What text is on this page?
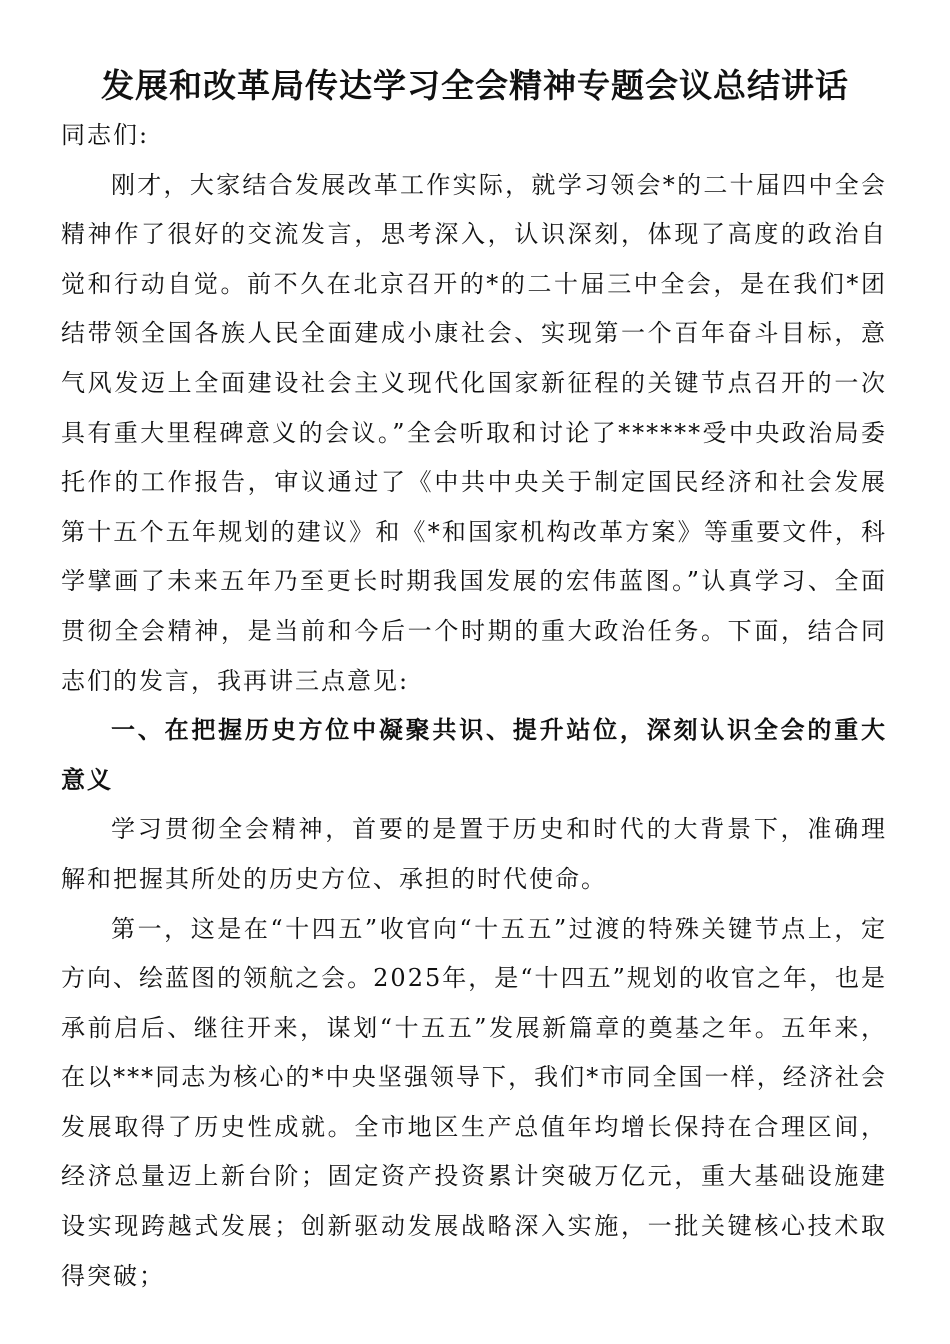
发展和改革局传达学习全会精神专题会议总结讲话

同志们:

刚才，大家结合发展改革工作实际，就学习领会*的二十届四中全会精神作了很好的交流发言，思考深入，认识深刻，体现了高度的政治自觉和行动自觉。前不久在北京召开的*的二十届三中全会，是在我们*团结带领全国各族人民全面建成小康社会、实现第一个百年奋斗目标，意气风发迈上全面建设社会主义现代化国家新征程的关键节点召开的一次具有重大里程碑意义的会议。”全会听取和讨论了******受中央政治局委托作的工作报告，审议通过了《中共中央关于制定国民经济和社会发展第十五个五年规划的建议》和《*和国家机构改革方案》等重要文件，科学擘画了未来五年乃至更长时期我国发展的宏伟蓝图。”认真学习、全面贯彻全会精神，是当前和今后一个时期的重大政治任务。下面，结合同志们的发言，我再讲三点意见:

一、在把握历史方位中凝聚共识、提升站位，深刻认识全会的重大意义

学习贯彻全会精神，首要的是置于历史和时代的大背景下，准确理解和把握其所处的历史方位、承担的时代使命。

第一，这是在“十四五”收官向“十五五”过渡的特殊关键节点上，定方向、绘蓝图的领航之会。2025年，是“十四五”规划的收官之年，也是承前启后、继往开来，谋划“十五五”发展新篇章的奠基之年。五年来，在以***同志为核心的*中央坚强领导下，我们*市同全国一样，经济社会发展取得了历史性成就。全市地区生产总值年均增长保持在合理区间，经济总量迈上新台阶；固定资产投资累计突破万亿元，重大基础设施建设实现跨越式发展；创新驱动发展战略深入实施，一批关键核心技术取得突破；
